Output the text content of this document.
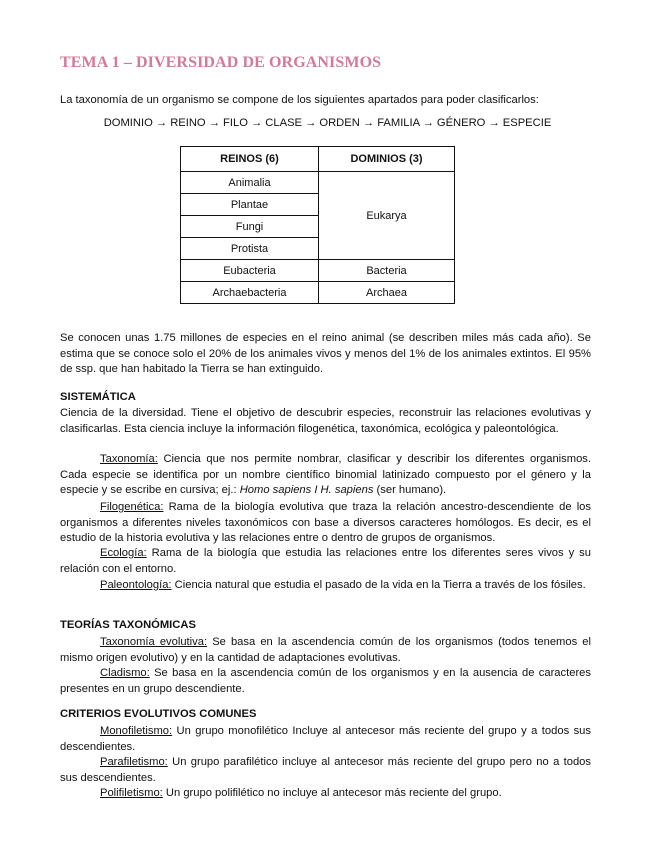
TEMA 1 – DIVERSIDAD DE ORGANISMOS

La taxonomía de un organismo se compone de los siguientes apartados para poder clasificarlos:

DOMINIO → REINO → FILO → CLASE → ORDEN → FAMILIA → GÉNERO → ESPECIE

REINOS (6)	DOMINIOS (3)
Animalia	Eukarya
Plantae	
Fungi	
Protista	
Eubacteria	Bacteria
Archaebacteria	Archaea

Se conocen unas 1.75 millones de especies en el reino animal (se describen miles más cada año). Se estima que se conoce solo el 20% de los animales vivos y menos del 1% de los animales extintos. El 95% de ssp. que han habitado la Tierra se han extinguido.

SISTEMÁTICA

Ciencia de la diversidad. Tiene el objetivo de descubrir especies, reconstruir las relaciones evolutivas y clasificarlas. Esta ciencia incluye la información filogenética, taxonómica, ecológica y paleontológica.

Taxonomía: Ciencia que nos permite nombrar, clasificar y describir los diferentes organismos. Cada especie se identifica por un nombre científico binomial latinizado compuesto por el género y la especie y se escribe en cursiva; ej.: Homo sapiens I H. sapiens (ser humano).

Filogenética: Rama de la biología evolutiva que traza la relación ancestro-descendiente de los organismos a diferentes niveles taxonómicos con base a diversos caracteres homólogos. Es decir, es el estudio de la historia evolutiva y las relaciones entre o dentro de grupos de organismos.

Ecología: Rama de la biología que estudia las relaciones entre los diferentes seres vivos y su relación con el entorno.

Paleontología: Ciencia natural que estudia el pasado de la vida en la Tierra a través de los fósiles.

TEORÍAS TAXONÓMICAS

Taxonomía evolutiva: Se basa en la ascendencia común de los organismos (todos tenemos el mismo origen evolutivo) y en la cantidad de adaptaciones evolutivas.

Cladismo: Se basa en la ascendencia común de los organismos y en la ausencia de caracteres presentes en un grupo descendiente.

CRITERIOS EVOLUTIVOS COMUNES

Monofiletismo: Un grupo monofilético Incluye al antecesor más reciente del grupo y a todos sus descendientes.

Parafiletismo: Un grupo parafilético incluye al antecesor más reciente del grupo pero no a todos sus descendientes.

Polifiletismo: Un grupo polifilético no incluye al antecesor más reciente del grupo.
